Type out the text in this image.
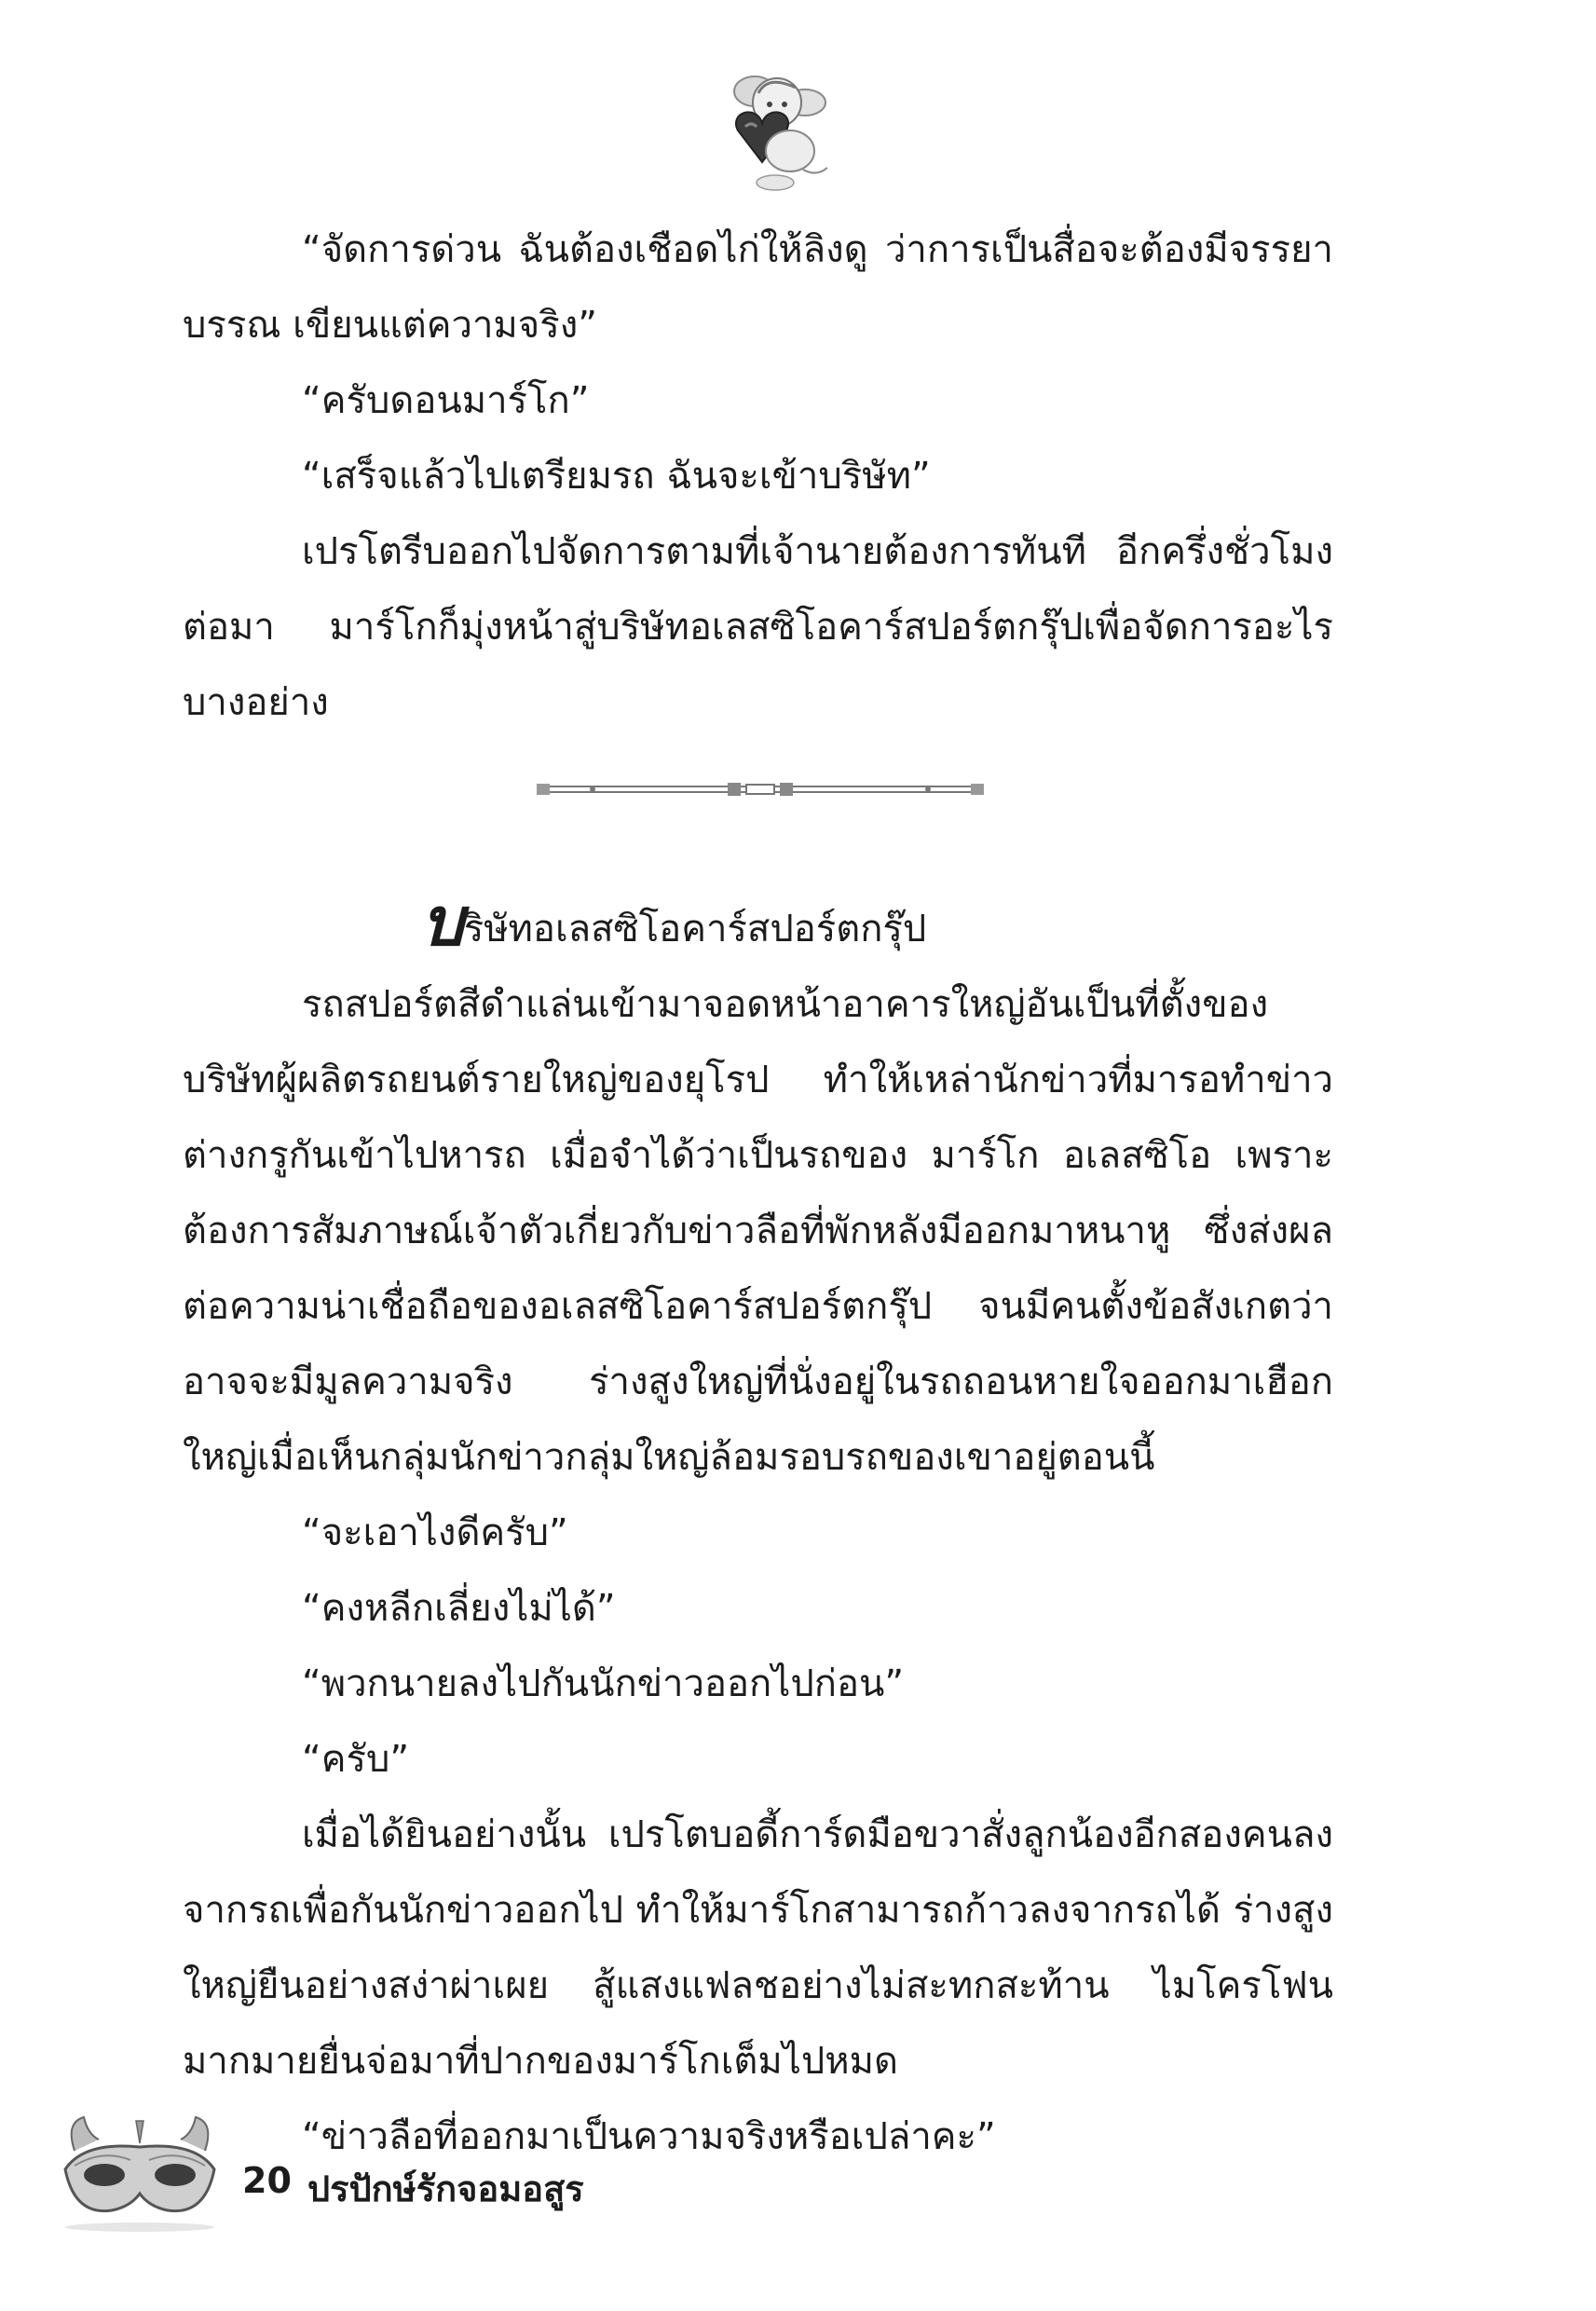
“จัดการด่วน ฉันต้องเชือดไก่ให้ลิงดู ว่าการเป็นสื่อจะต้องมีจรรยาบรรณ เขียนแต่ความจริง”

“ครับดอนมาร์โก”

“เสร็จแล้วไปเตรียมรถ ฉันจะเข้าบริษัท”

เปรโตรีบออกไปจัดการตามที่เจ้านายต้องการทันที อีกครึ่งชั่วโมงต่อมา มาร์โกก็มุ่งหน้าสู่บริษัทอเลสซิโอคาร์สปอร์ตกรุ๊ปเพื่อจัดการอะไรบางอย่าง

บริษัทอเลสซิโอคาร์สปอร์ตกรุ๊ป

รถสปอร์ตสีดำแล่นเข้ามาจอดหน้าอาคารใหญ่อันเป็นที่ตั้งของบริษัทผู้ผลิตรถยนต์รายใหญ่ของยุโรป ทำให้เหล่านักข่าวที่มารอทำข่าวต่างกรูกันเข้าไปหารถ เมื่อจำได้ว่าเป็นรถของ มาร์โก อเลสซิโอ เพราะต้องการสัมภาษณ์เจ้าตัวเกี่ยวกับข่าวลือที่พักหลังมีออกมาหนาหู ซึ่งส่งผลต่อความน่าเชื่อถือของอเลสซิโอคาร์สปอร์ตกรุ๊ป จนมีคนตั้งข้อสังเกตว่าอาจจะมีมูลความจริง ร่างสูงใหญ่ที่นั่งอยู่ในรถถอนหายใจออกมาเฮือกใหญ่เมื่อเห็นกลุ่มนักข่าวกลุ่มใหญ่ล้อมรอบรถของเขาอยู่ตอนนี้

“จะเอาไงดีครับ”

“คงหลีกเลี่ยงไม่ได้”

“พวกนายลงไปกันนักข่าวออกไปก่อน”

“ครับ”

เมื่อได้ยินอย่างนั้น เปรโตบอดี้การ์ดมือขวาสั่งลูกน้องอีกสองคนลงจากรถเพื่อกันนักข่าวออกไป ทำให้มาร์โกสามารถก้าวลงจากรถได้ ร่างสูงใหญ่ยืนอย่างสง่าผ่าเผย สู้แสงแฟลชอย่างไม่สะทกสะท้าน ไมโครโฟนมากมายยื่นจ่อมาที่ปากของมาร์โกเต็มไปหมด

“ข่าวลือที่ออกมาเป็นความจริงหรือเปล่าคะ”

20 ปรปักษ์รักจอมอสูร
